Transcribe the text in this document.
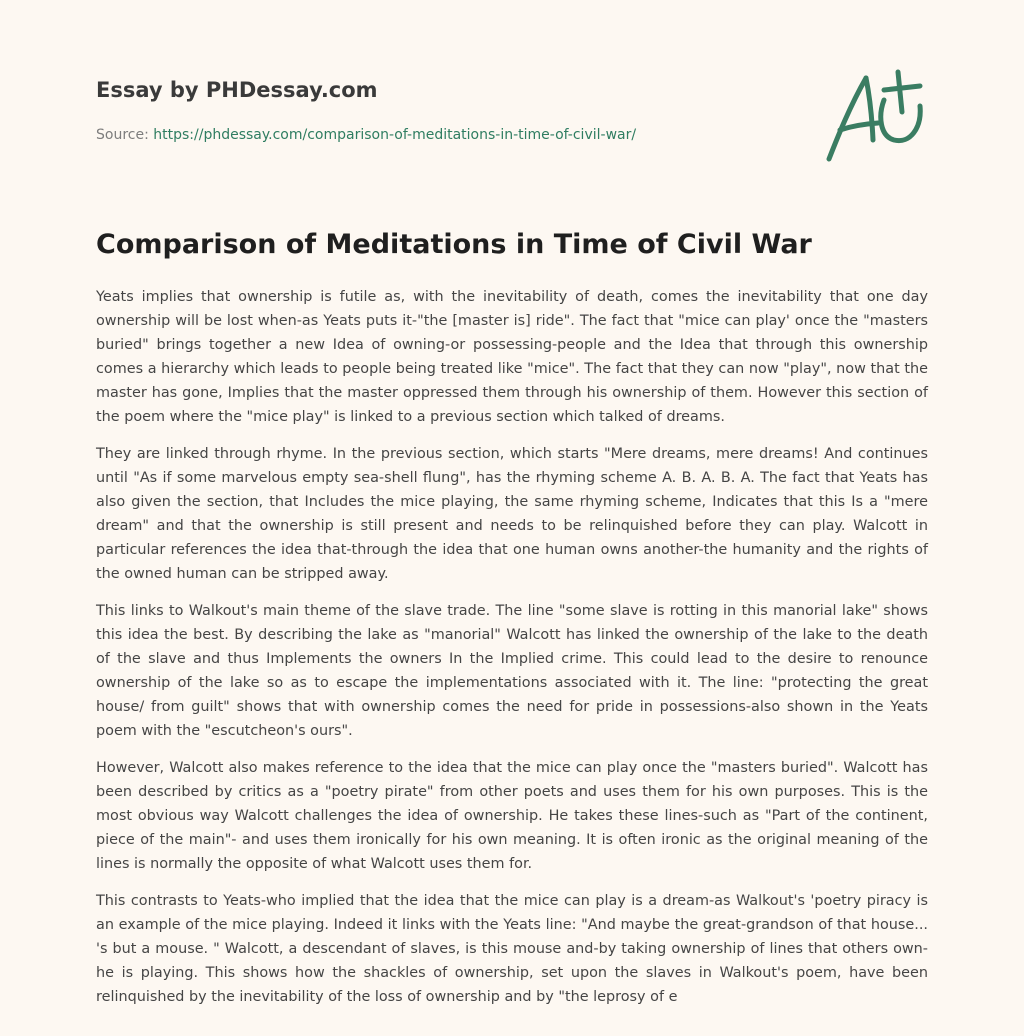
Essay by PHDessay.com
Source: https://phdessay.com/comparison-of-meditations-in-time-of-civil-war/
Comparison of Meditations in Time of Civil War

Yeats implies that ownership is futile as, with the inevitability of death, comes the inevitability that one day ownership will be lost when-as Yeats puts it-"the [master is] ride". The fact that "mice can play' once the "masters buried" brings together a new Idea of owning-or possessing-people and the Idea that through this ownership comes a hierarchy which leads to people being treated like "mice". The fact that they can now "play", now that the master has gone, Implies that the master oppressed them through his ownership of them. However this section of the poem where the "mice play" is linked to a previous section which talked of dreams.

They are linked through rhyme. In the previous section, which starts "Mere dreams, mere dreams! And continues until "As if some marvelous empty sea-shell flung", has the rhyming scheme A. B. A. B. A. The fact that Yeats has also given the section, that Includes the mice playing, the same rhyming scheme, Indicates that this Is a "mere dream" and that the ownership is still present and needs to be relinquished before they can play. Walcott in particular references the idea that-through the idea that one human owns another-the humanity and the rights of the owned human can be stripped away.

This links to Walkout's main theme of the slave trade. The line "some slave is rotting in this manorial lake" shows this idea the best. By describing the lake as "manorial" Walcott has linked the ownership of the lake to the death of the slave and thus Implements the owners In the Implied crime. This could lead to the desire to renounce ownership of the lake so as to escape the implementations associated with it. The line: "protecting the great house/ from guilt" shows that with ownership comes the need for pride in possessions-also shown in the Yeats poem with the "escutcheon's ours".

However, Walcott also makes reference to the idea that the mice can play once the "masters buried". Walcott has been described by critics as a "poetry pirate" from other poets and uses them for his own purposes. This is the most obvious way Walcott challenges the idea of ownership. He takes these lines-such as "Part of the continent, piece of the main"- and uses them ironically for his own meaning. It is often ironic as the original meaning of the lines is normally the opposite of what Walcott uses them for.

This contrasts to Yeats-who implied that the idea that the mice can play is a dream-as Walkout's 'poetry piracy is an example of the mice playing. Indeed it links with the Yeats line: "And maybe the great-grandson of that house... 's but a mouse. " Walcott, a descendant of slaves, is this mouse and-by taking ownership of lines that others own-he is playing. This shows how the shackles of ownership, set upon the slaves in Walkout's poem, have been relinquished by the inevitability of the loss of ownership and by "the leprosy of e
